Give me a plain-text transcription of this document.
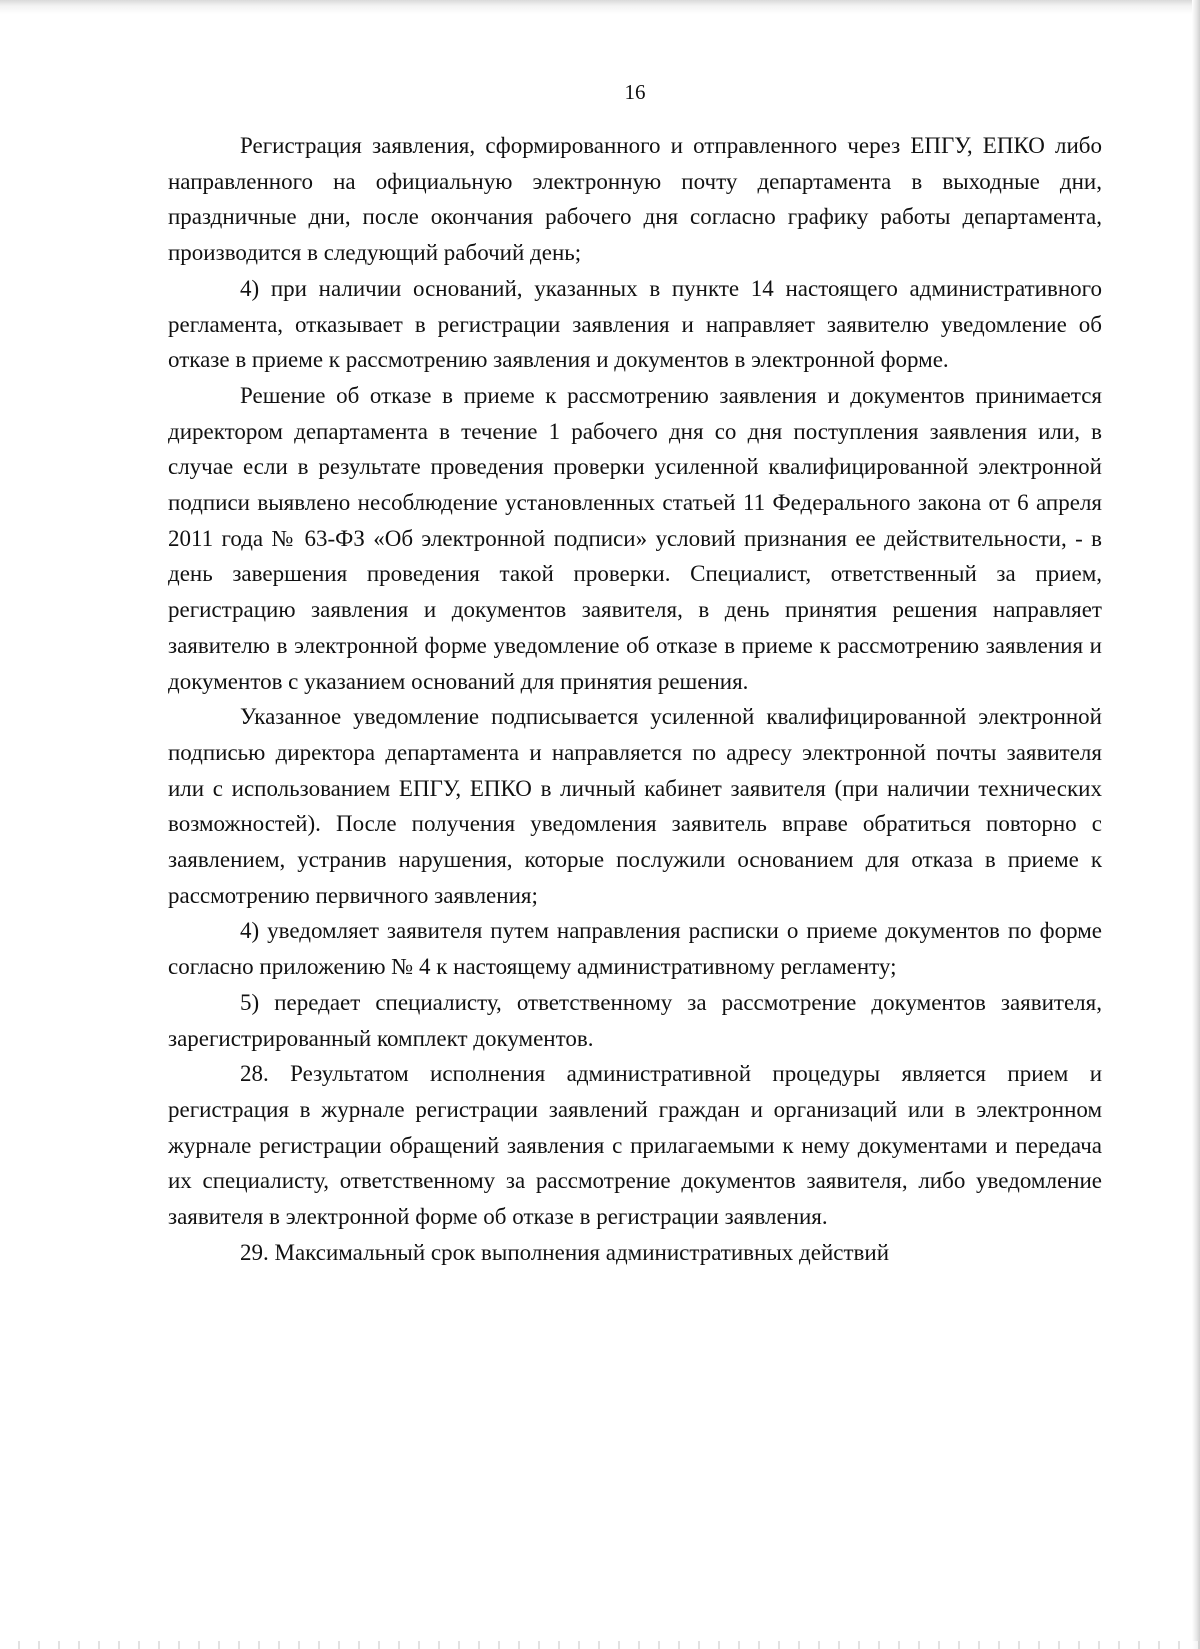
16

Регистрация заявления, сформированного и отправленного через ЕПГУ, ЕПКО либо направленного на официальную электронную почту департамента в выходные дни, праздничные дни, после окончания рабочего дня согласно графику работы департамента, производится в следующий рабочий день;

4) при наличии оснований, указанных в пункте 14 настоящего административного регламента, отказывает в регистрации заявления и направляет заявителю уведомление об отказе в приеме к рассмотрению заявления и документов в электронной форме.

Решение об отказе в приеме к рассмотрению заявления и документов принимается директором департамента в течение 1 рабочего дня со дня поступления заявления или, в случае если в результате проведения проверки усиленной квалифицированной электронной подписи выявлено несоблюдение установленных статьей 11 Федерального закона от 6 апреля 2011 года № 63-ФЗ «Об электронной подписи» условий признания ее действительности, - в день завершения проведения такой проверки. Специалист, ответственный за прием, регистрацию заявления и документов заявителя, в день принятия решения направляет заявителю в электронной форме уведомление об отказе в приеме к рассмотрению заявления и документов с указанием оснований для принятия решения.

Указанное уведомление подписывается усиленной квалифицированной электронной подписью директора департамента и направляется по адресу электронной почты заявителя или с использованием ЕПГУ, ЕПКО в личный кабинет заявителя (при наличии технических возможностей). После получения уведомления заявитель вправе обратиться повторно с заявлением, устранив нарушения, которые послужили основанием для отказа в приеме к рассмотрению первичного заявления;

4) уведомляет заявителя путем направления расписки о приеме документов по форме согласно приложению № 4 к настоящему административному регламенту;

5) передает специалисту, ответственному за рассмотрение документов заявителя, зарегистрированный комплект документов.

28. Результатом исполнения административной процедуры является прием и регистрация в журнале регистрации заявлений граждан и организаций или в электронном журнале регистрации обращений заявления с прилагаемыми к нему документами и передача их специалисту, ответственному за рассмотрение документов заявителя, либо уведомление заявителя в электронной форме об отказе в регистрации заявления.

29. Максимальный срок выполнения административных действий
